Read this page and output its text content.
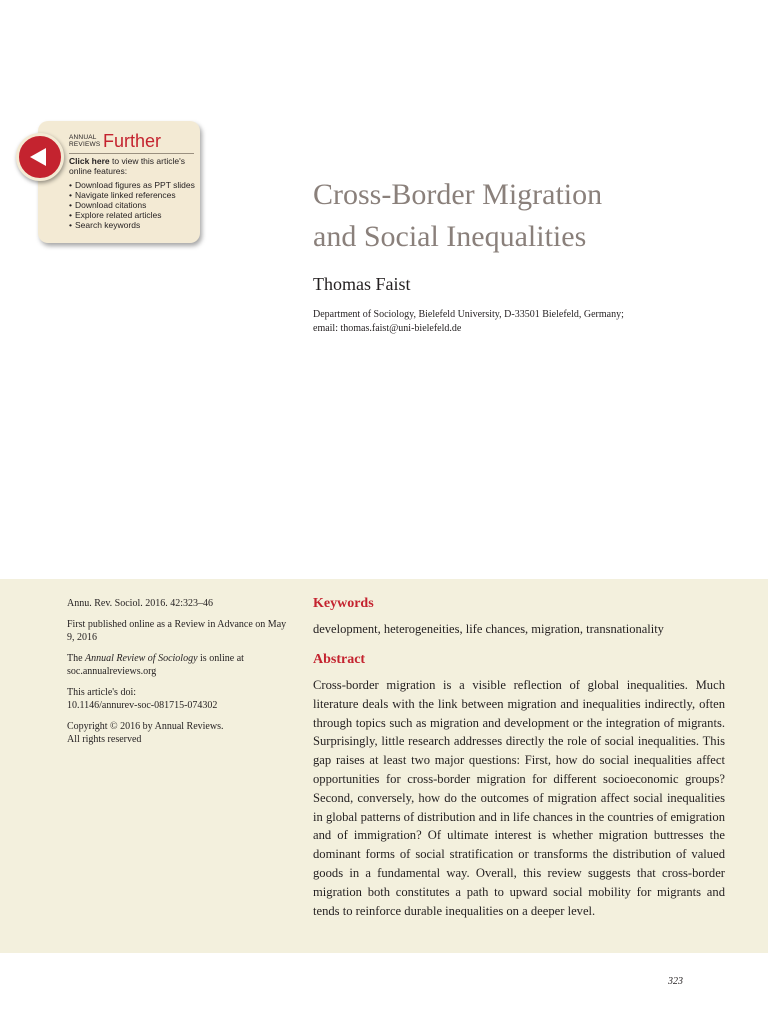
ANNUAL
REVIEWS Further
Click here to view this article's online features:
• Download figures as PPT slides
• Navigate linked references
• Download citations
• Explore related articles
• Search keywords
Cross-Border Migration
and Social Inequalities
Thomas Faist
Department of Sociology, Bielefeld University, D-33501 Bielefeld, Germany;
email: thomas.faist@uni-bielefeld.de

Annu. Rev. Sociol. 2016. 42:323–46

First published online as a Review in Advance on May 9, 2016

The Annual Review of Sociology is online at soc.annualreviews.org

This article's doi:
10.1146/annurev-soc-081715-074302

Copyright © 2016 by Annual Reviews.
All rights reserved

Keywords
development, heterogeneities, life chances, migration, transnationality
Abstract
Cross-border migration is a visible reflection of global inequalities. Much literature deals with the link between migration and inequalities indirectly, often through topics such as migration and development or the integration of migrants. Surprisingly, little research addresses directly the role of social inequalities. This gap raises at least two major questions: First, how do social inequalities affect opportunities for cross-border migration for different socioeconomic groups? Second, conversely, how do the outcomes of migration affect social inequalities in global patterns of distribution and in life chances in the countries of emigration and of immigration? Of ultimate interest is whether migration buttresses the dominant forms of social stratification or transforms the distribution of valued goods in a fundamental way. Overall, this review suggests that cross-border migration both constitutes a path to upward social mobility for migrants and tends to reinforce durable inequalities on a deeper level.
323
